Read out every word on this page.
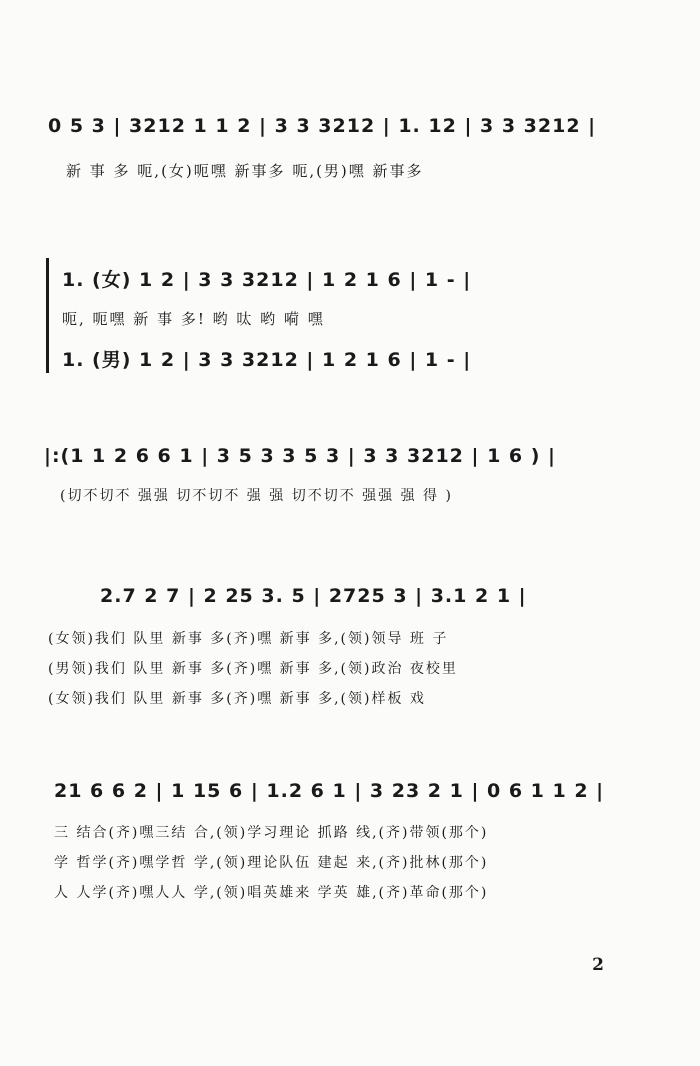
0 5 3 | 3212 1 1 2 | 3 3 3212 | 1. 12 | 3 3 3212 |
新 事 多 呃,(女)呃嘿 新事多 呃,(男)嘿 新事多
1. (女) 1 2 | 3 3 3212 | 1 2 1 6 | 1 - |
呃, 呃嘿 新 事 多! 哟 呔 哟 嗬 嘿
1. (男) 1 2 | 3 3 3212 | 1 2 1 6 | 1 - |
|:(1 1 2 6 6 1 | 3 5 3 3 5 3 | 3 3 3212 | 1 6 ) |
(切不切不 强强 切不切不 强 强 切不切不 强强 强 得 )
2.7 2 7 | 2 25 3. 5 | 2725 3 | 3.1 2 1 |
(女领)我们 队里 新事 多(齐)嘿 新事 多,(领)领导 班 子
(男领)我们 队里 新事 多(齐)嘿 新事 多,(领)政治 夜校里
(女领)我们 队里 新事 多(齐)嘿 新事 多,(领)样板 戏
21 6 6 2 | 1 15 6 | 1.2 6 1 | 3 23 2 1 | 0 6 1 1 2 |
三 结合(齐)嘿三结 合,(领)学习理论 抓路 线,(齐)带领(那个)
学 哲学(齐)嘿学哲 学,(领)理论队伍 建起 来,(齐)批林(那个)
人 人学(齐)嘿人人 学,(领)唱英雄来 学英 雄,(齐)革命(那个)
2
